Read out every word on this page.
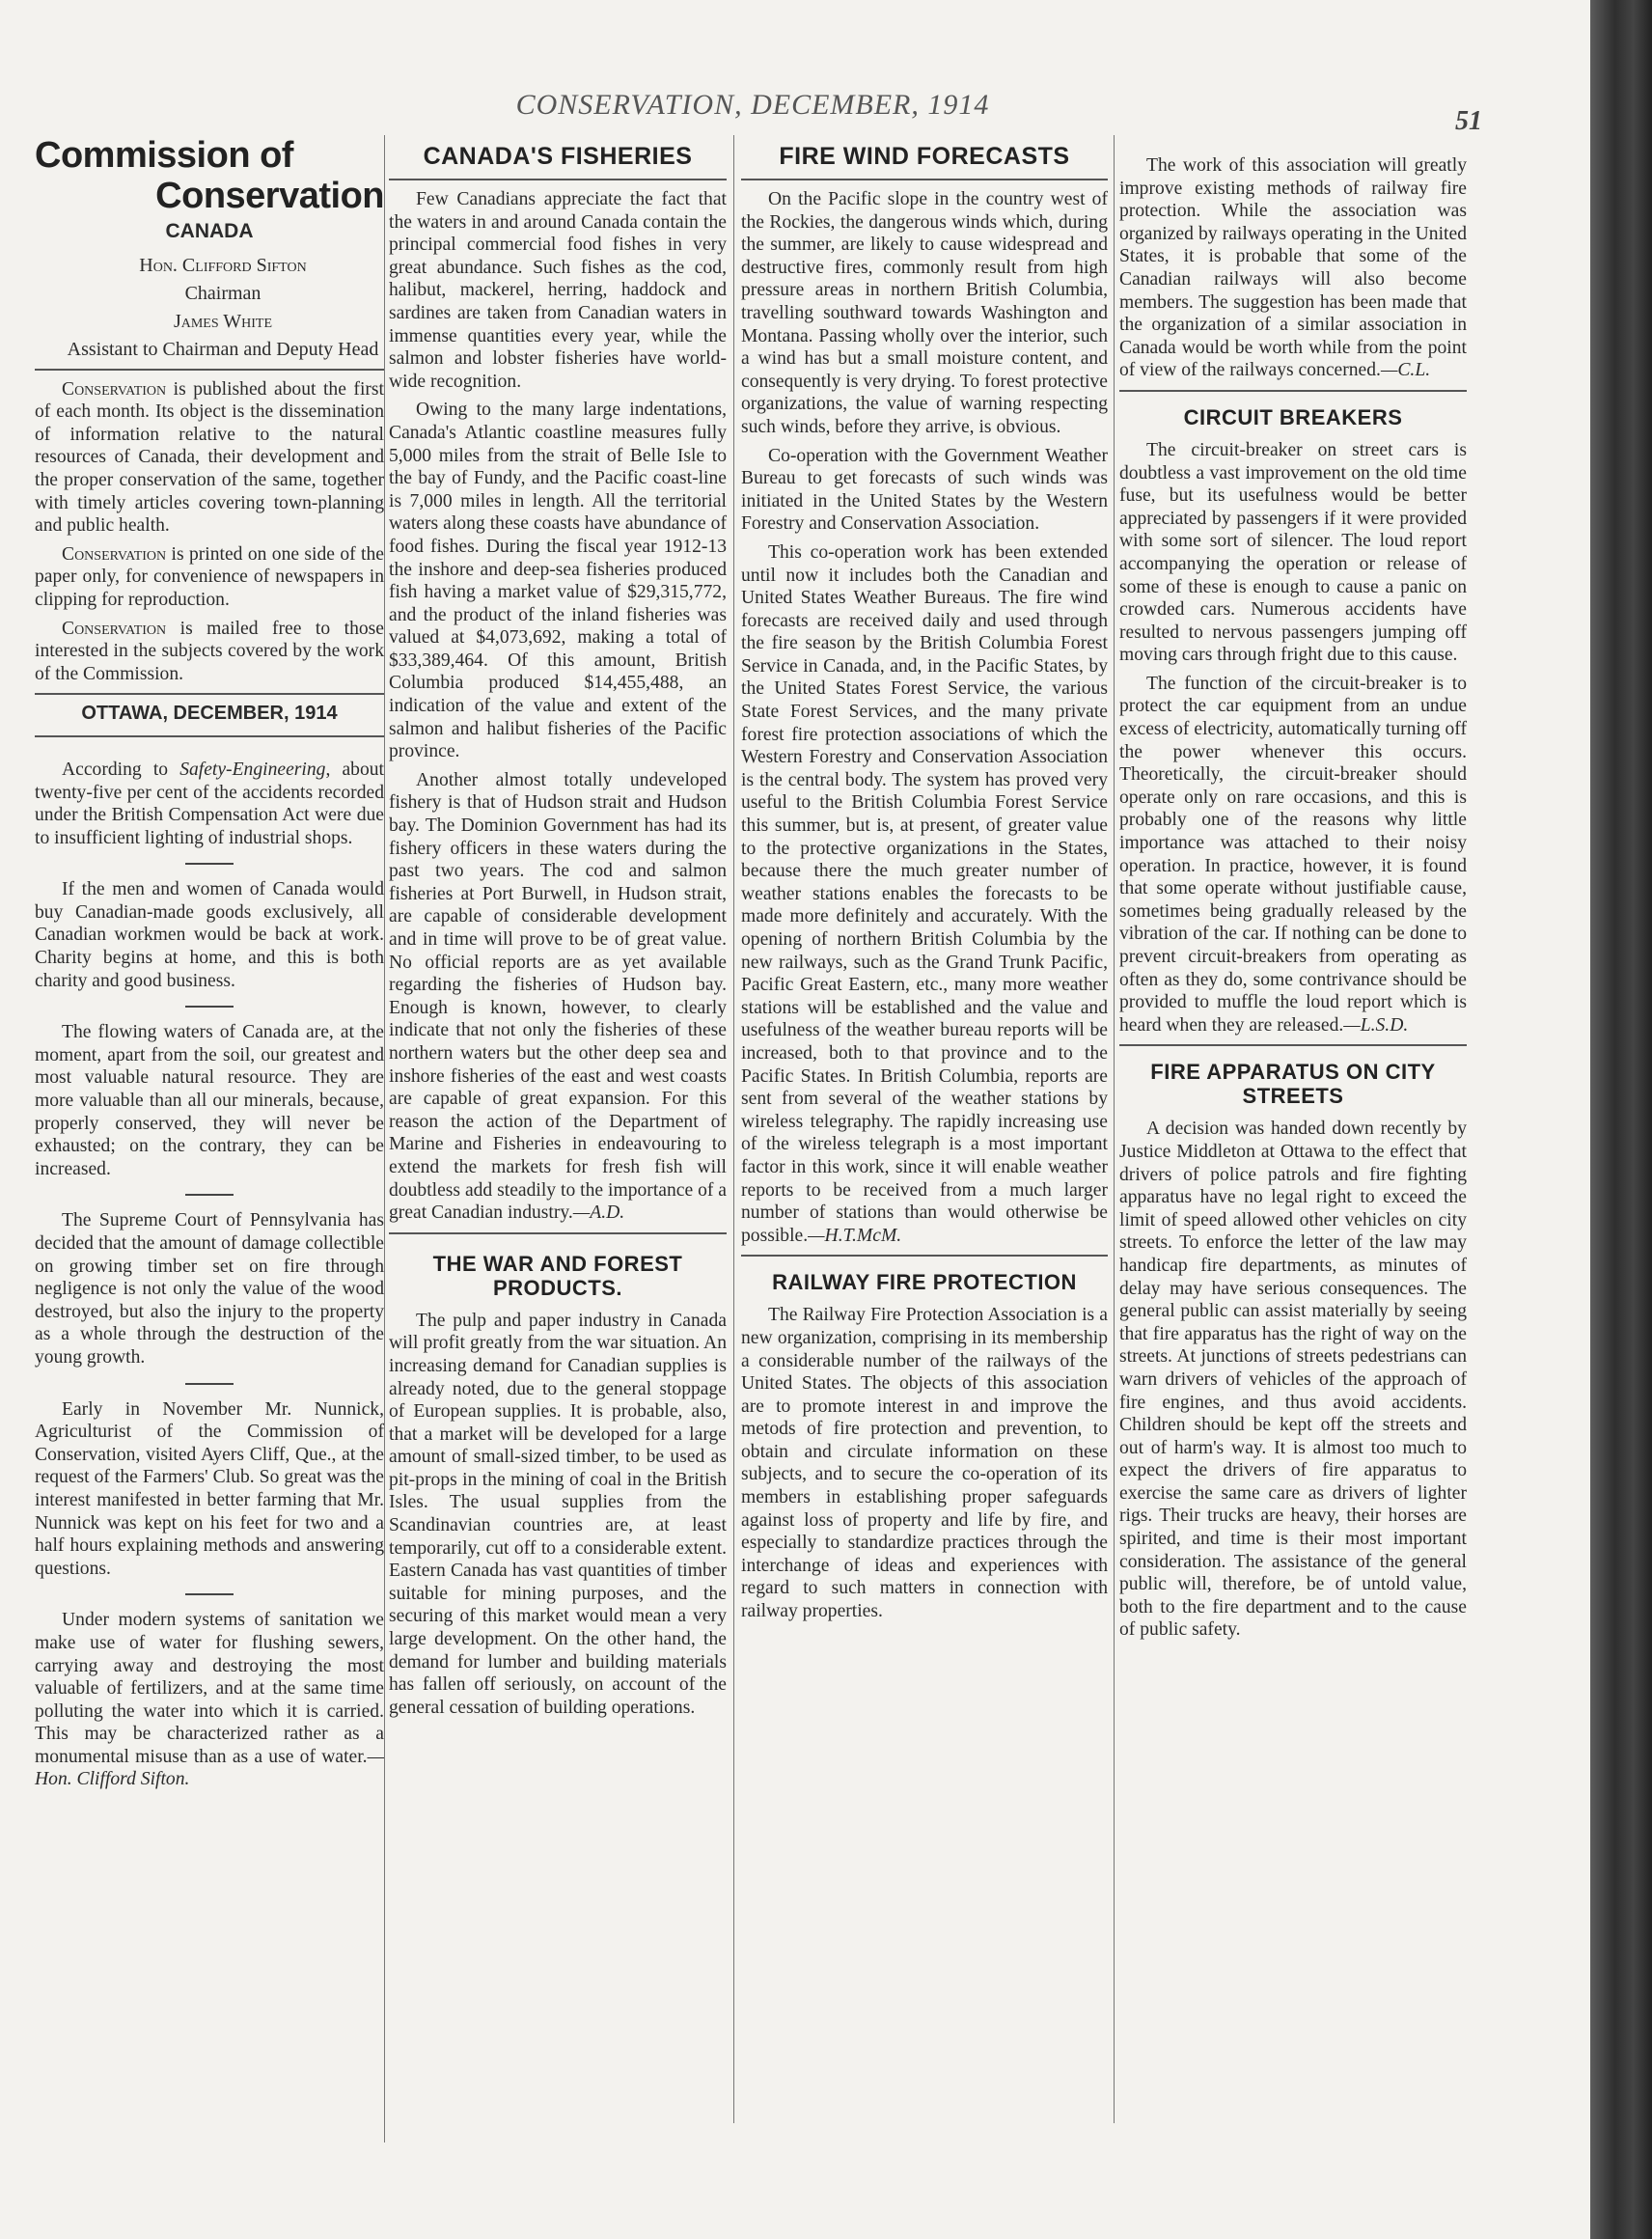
CONSERVATION, DECEMBER, 1914
51
Commission of
Conservation
CANADA

Hon. Clifford Sifton

Chairman

James White

Assistant to Chairman and Deputy Head

Conservation is published about the first of each month. Its object is the dissemination of information relative to the natural resources of Canada, their development and the proper conservation of the same, together with timely articles covering town-planning and public health.

Conservation is printed on one side of the paper only, for convenience of newspapers in clipping for reproduction.

Conservation is mailed free to those interested in the subjects covered by the work of the Commission.

OTTAWA, DECEMBER, 1914

According to Safety-Engineering, about twenty-five per cent of the accidents recorded under the British Compensation Act were due to insufficient lighting of industrial shops.

If the men and women of Canada would buy Canadian-made goods exclusively, all Canadian workmen would be back at work. Charity begins at home, and this is both charity and good business.

The flowing waters of Canada are, at the moment, apart from the soil, our greatest and most valuable natural resource. They are more valuable than all our minerals, because, properly conserved, they will never be exhausted; on the contrary, they can be increased.

The Supreme Court of Pennsylvania has decided that the amount of damage collectible on growing timber set on fire through negligence is not only the value of the wood destroyed, but also the injury to the property as a whole through the destruction of the young growth.

Early in November Mr. Nunnick, Agriculturist of the Commission of Conservation, visited Ayers Cliff, Que., at the request of the Farmers' Club. So great was the interest manifested in better farming that Mr. Nunnick was kept on his feet for two and a half hours explaining methods and answering questions.

Under modern systems of sanitation we make use of water for flushing sewers, carrying away and destroying the most valuable of fertilizers, and at the same time polluting the water into which it is carried. This may be characterized rather as a monumental misuse than as a use of water.—Hon. Clifford Sifton.

CANADA'S FISHERIES

Few Canadians appreciate the fact that the waters in and around Canada contain the principal commercial food fishes in very great abundance. Such fishes as the cod, halibut, mackerel, herring, haddock and sardines are taken from Canadian waters in immense quantities every year, while the salmon and lobster fisheries have world-wide recognition.

Owing to the many large indentations, Canada's Atlantic coastline measures fully 5,000 miles from the strait of Belle Isle to the bay of Fundy, and the Pacific coast-line is 7,000 miles in length. All the territorial waters along these coasts have abundance of food fishes. During the fiscal year 1912-13 the inshore and deep-sea fisheries produced fish having a market value of $29,315,772, and the product of the inland fisheries was valued at $4,073,692, making a total of $33,389,464. Of this amount, British Columbia produced $14,455,488, an indication of the value and extent of the salmon and halibut fisheries of the Pacific province.

Another almost totally undeveloped fishery is that of Hudson strait and Hudson bay. The Dominion Government has had its fishery officers in these waters during the past two years. The cod and salmon fisheries at Port Burwell, in Hudson strait, are capable of considerable development and in time will prove to be of great value. No official reports are as yet available regarding the fisheries of Hudson bay. Enough is known, however, to clearly indicate that not only the fisheries of these northern waters but the other deep sea and inshore fisheries of the east and west coasts are capable of great expansion. For this reason the action of the Department of Marine and Fisheries in endeavouring to extend the markets for fresh fish will doubtless add steadily to the importance of a great Canadian industry.—A.D.

THE WAR AND FOREST PRODUCTS.

The pulp and paper industry in Canada will profit greatly from the war situation. An increasing demand for Canadian supplies is already noted, due to the general stoppage of European supplies. It is probable, also, that a market will be developed for a large amount of small-sized timber, to be used as pit-props in the mining of coal in the British Isles. The usual supplies from the Scandinavian countries are, at least temporarily, cut off to a considerable extent. Eastern Canada has vast quantities of timber suitable for mining purposes, and the securing of this market would mean a very large development. On the other hand, the demand for lumber and building materials has fallen off seriously, on account of the general cessation of building operations.

FIRE WIND FORECASTS

On the Pacific slope in the country west of the Rockies, the dangerous winds which, during the summer, are likely to cause widespread and destructive fires, commonly result from high pressure areas in northern British Columbia, travelling southward towards Washington and Montana. Passing wholly over the interior, such a wind has but a small moisture content, and consequently is very drying. To forest protective organizations, the value of warning respecting such winds, before they arrive, is obvious.

Co-operation with the Government Weather Bureau to get forecasts of such winds was initiated in the United States by the Western Forestry and Conservation Association.

This co-operation work has been extended until now it includes both the Canadian and United States Weather Bureaus. The fire wind forecasts are received daily and used through the fire season by the British Columbia Forest Service in Canada, and, in the Pacific States, by the United States Forest Service, the various State Forest Services, and the many private forest fire protection associations of which the Western Forestry and Conservation Association is the central body. The system has proved very useful to the British Columbia Forest Service this summer, but is, at present, of greater value to the protective organizations in the States, because there the much greater number of weather stations enables the forecasts to be made more definitely and accurately. With the opening of northern British Columbia by the new railways, such as the Grand Trunk Pacific, Pacific Great Eastern, etc., many more weather stations will be established and the value and usefulness of the weather bureau reports will be increased, both to that province and to the Pacific States. In British Columbia, reports are sent from several of the weather stations by wireless telegraphy. The rapidly increasing use of the wireless telegraph is a most important factor in this work, since it will enable weather reports to be received from a much larger number of stations than would otherwise be possible.—H.T.McM.

RAILWAY FIRE PROTECTION

The Railway Fire Protection Association is a new organization, comprising in its membership a considerable number of the railways of the United States. The objects of this association are to promote interest in and improve the metods of fire protection and prevention, to obtain and circulate information on these subjects, and to secure the co-operation of its members in establishing proper safeguards against loss of property and life by fire, and especially to standardize practices through the interchange of ideas and experiences with regard to such matters in connection with railway properties.

The work of this association will greatly improve existing methods of railway fire protection. While the association was organized by railways operating in the United States, it is probable that some of the Canadian railways will also become members. The suggestion has been made that the organization of a similar association in Canada would be worth while from the point of view of the railways concerned.—C.L.

CIRCUIT BREAKERS

The circuit-breaker on street cars is doubtless a vast improvement on the old time fuse, but its usefulness would be better appreciated by passengers if it were provided with some sort of silencer. The loud report accompanying the operation or release of some of these is enough to cause a panic on crowded cars. Numerous accidents have resulted to nervous passengers jumping off moving cars through fright due to this cause.

The function of the circuit-breaker is to protect the car equipment from an undue excess of electricity, automatically turning off the power whenever this occurs. Theoretically, the circuit-breaker should operate only on rare occasions, and this is probably one of the reasons why little importance was attached to their noisy operation. In practice, however, it is found that some operate without justifiable cause, sometimes being gradually released by the vibration of the car. If nothing can be done to prevent circuit-breakers from operating as often as they do, some contrivance should be provided to muffle the loud report which is heard when they are released.—L.S.D.

FIRE APPARATUS ON CITY STREETS

A decision was handed down recently by Justice Middleton at Ottawa to the effect that drivers of police patrols and fire fighting apparatus have no legal right to exceed the limit of speed allowed other vehicles on city streets. To enforce the letter of the law may handicap fire departments, as minutes of delay may have serious consequences. The general public can assist materially by seeing that fire apparatus has the right of way on the streets. At junctions of streets pedestrians can warn drivers of vehicles of the approach of fire engines, and thus avoid accidents. Children should be kept off the streets and out of harm's way. It is almost too much to expect the drivers of fire apparatus to exercise the same care as drivers of lighter rigs. Their trucks are heavy, their horses are spirited, and time is their most important consideration. The assistance of the general public will, therefore, be of untold value, both to the fire department and to the cause of public safety.
